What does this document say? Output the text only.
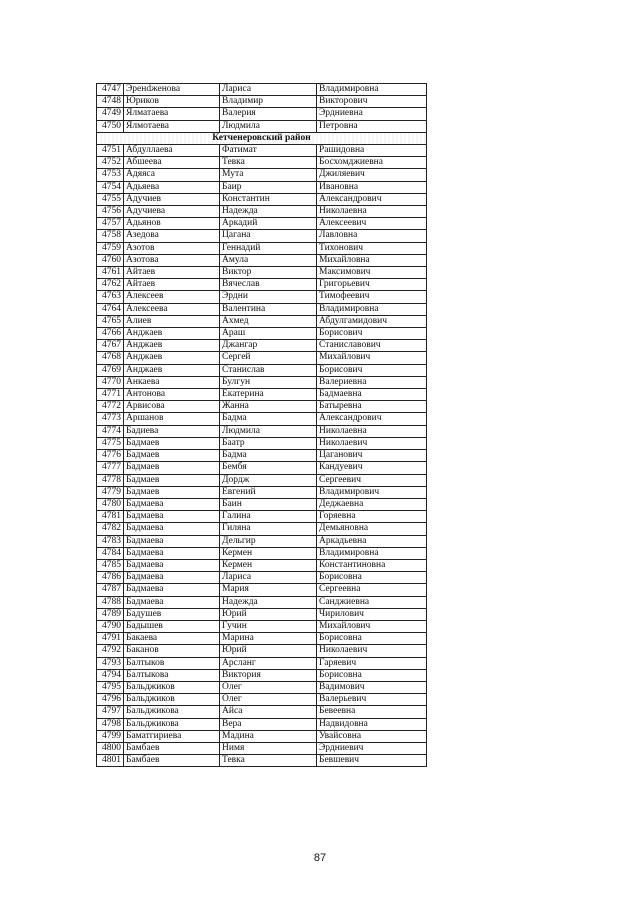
4747	Эренdженова	Лариса	Владимировна
4748	Юриков	Владимир	Викторович
4749	Ялматаева	Валерия	Эрдниевна
4750	Ялмотаева	Людмила	Петровна
Кетченеровский район			
4751	Абдуллаева	Фатимат	Рашидовна
4752	Абшеева	Тевка	Босхомджиевна
4753	Адяяса	Мута	Джиляевич
4754	Адьяева	Баир	Ивановна
4755	Адучиев	Константин	Александрович
4756	Адучиева	Надежда	Николаевна
4757	Адьянов	Аркадий	Алексеевич
4758	Азедова	Цагана	Лавловна
4759	Азотов	Геннадий	Тихонович
4760	Азотова	Амула	Михайловна
4761	Айтаев	Виктор	Максимович
4762	Айтаев	Вячеслав	Григорьевич
4763	Алексеев	Эрдни	Тимофеевич
4764	Алексеева	Валентина	Владимировна
4765	Алиев	Ахмед	Абдулгамидович
4766	Анджаев	Араш	Борисович
4767	Анджаев	Джангар	Станиславович
4768	Анджаев	Сергей	Михайлович
4769	Анджаев	Станислав	Борисович
4770	Анкаева	Булгун	Валериевна
4771	Антонова	Екатерина	Бадмаевна
4772	Арвисова	Жанна	Батыревна
4773	Аршанов	Бадма	Александрович
4774	Бадиева	Людмила	Николаевна
4775	Бадмаев	Баатр	Николаевич
4776	Бадмаев	Бадма	Цаганович
4777	Бадмаев	Бембя	Кандуевич
4778	Бадмаев	Дордж	Сергеевич
4779	Бадмаев	Евгений	Владимирович
4780	Бадмаева	Баин	Деджаевна
4781	Бадмаева	Галина	Горяевна
4782	Бадмаева	Гиляна	Демьяновна
4783	Бадмаева	Дельгир	Аркадьевна
4784	Бадмаева	Кермен	Владимировна
4785	Бадмаева	Кермен	Константиновна
4786	Бадмаева	Лариса	Борисовна
4787	Бадмаева	Мария	Сергеевна
4788	Бадмаева	Надежда	Санджиевна
4789	Бадушев	Юрий	Чирилович
4790	Бадышев	Гучин	Михайлович
4791	Бакаева	Марина	Борисовна
4792	Баканов	Юрий	Николаевич
4793	Балтыков	Арсланг	Гаряевич
4794	Балтыкова	Виктория	Борисовна
4795	Бальджиков	Олег	Вадимович
4796	Бальджиков	Олег	Валерьевич
4797	Бальджикова	Айса	Бевеевна
4798	Бальджикова	Вера	Надвидовна
4799	Баматгириева	Мадина	Увайсовна
4800	Бамбаев	Нимя	Эрдниевич
4801	Бамбаев	Тевка	Бевшевич
87
